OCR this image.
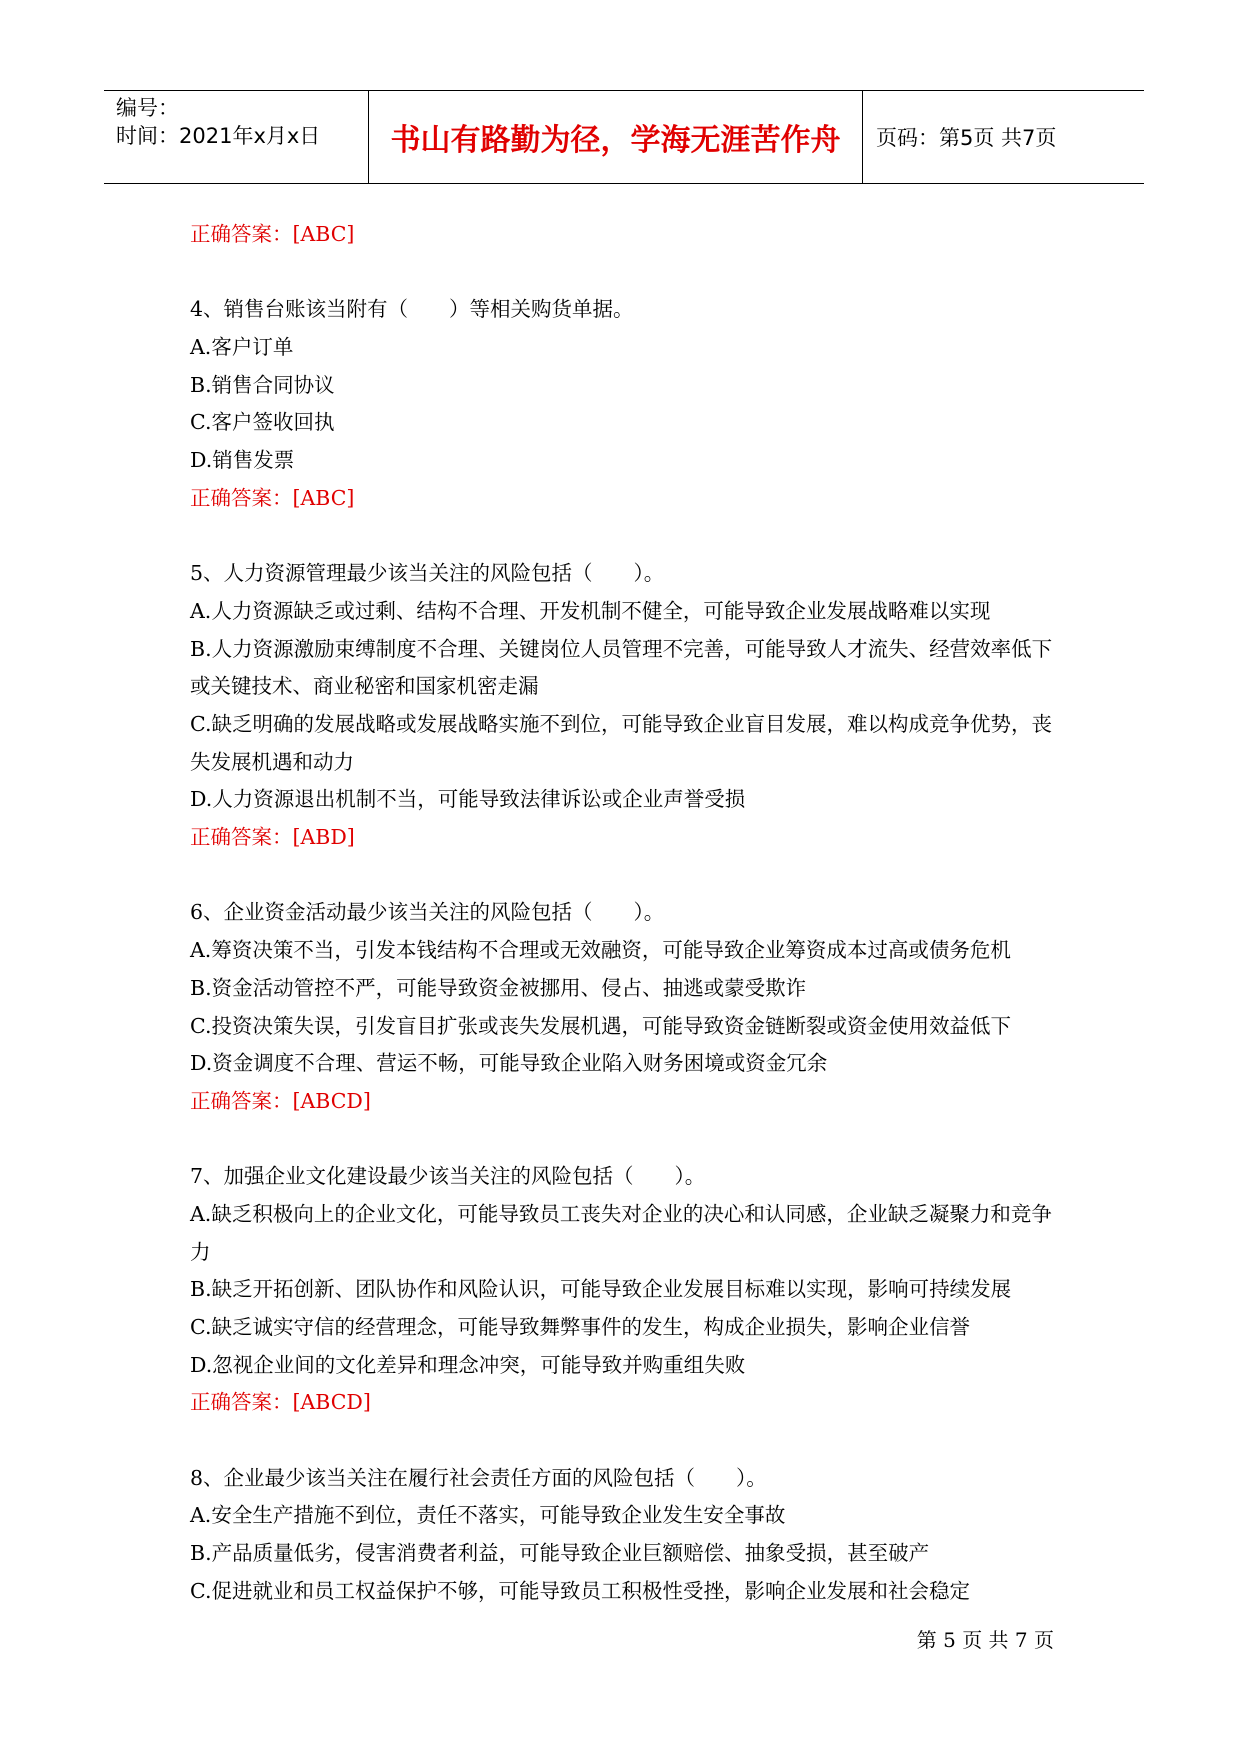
编号：
时间：2021年x月x日	书山有路勤为径，学海无涯苦作舟	页码：第5页 共7页
正确答案：[ABC]
4、销售台账该当附有（　　）等相关购货单据。
A.客户订单
B.销售合同协议
C.客户签收回执
D.销售发票
正确答案：[ABC]
5、人力资源管理最少该当关注的风险包括（　　）。
A.人力资源缺乏或过剩、结构不合理、开发机制不健全，可能导致企业发展战略难以实现
B.人力资源激励束缚制度不合理、关键岗位人员管理不完善，可能导致人才流失、经营效率低下或关键技术、商业秘密和国家机密走漏
C.缺乏明确的发展战略或发展战略实施不到位，可能导致企业盲目发展，难以构成竞争优势，丧失发展机遇和动力
D.人力资源退出机制不当，可能导致法律诉讼或企业声誉受损
正确答案：[ABD]
6、企业资金活动最少该当关注的风险包括（　　）。
A.筹资决策不当，引发本钱结构不合理或无效融资，可能导致企业筹资成本过高或债务危机
B.资金活动管控不严，可能导致资金被挪用、侵占、抽逃或蒙受欺诈
C.投资决策失误，引发盲目扩张或丧失发展机遇，可能导致资金链断裂或资金使用效益低下
D.资金调度不合理、营运不畅，可能导致企业陷入财务困境或资金冗余
正确答案：[ABCD]
7、加强企业文化建设最少该当关注的风险包括（　　）。
A.缺乏积极向上的企业文化，可能导致员工丧失对企业的决心和认同感，企业缺乏凝聚力和竞争力
B.缺乏开拓创新、团队协作和风险认识，可能导致企业发展目标难以实现，影响可持续发展
C.缺乏诚实守信的经营理念，可能导致舞弊事件的发生，构成企业损失，影响企业信誉
D.忽视企业间的文化差异和理念冲突，可能导致并购重组失败
正确答案：[ABCD]
8、企业最少该当关注在履行社会责任方面的风险包括（　　）。
A.安全生产措施不到位，责任不落实，可能导致企业发生安全事故
B.产品质量低劣，侵害消费者利益，可能导致企业巨额赔偿、抽象受损，甚至破产
C.促进就业和员工权益保护不够，可能导致员工积极性受挫，影响企业发展和社会稳定
第 5 页 共 7 页
